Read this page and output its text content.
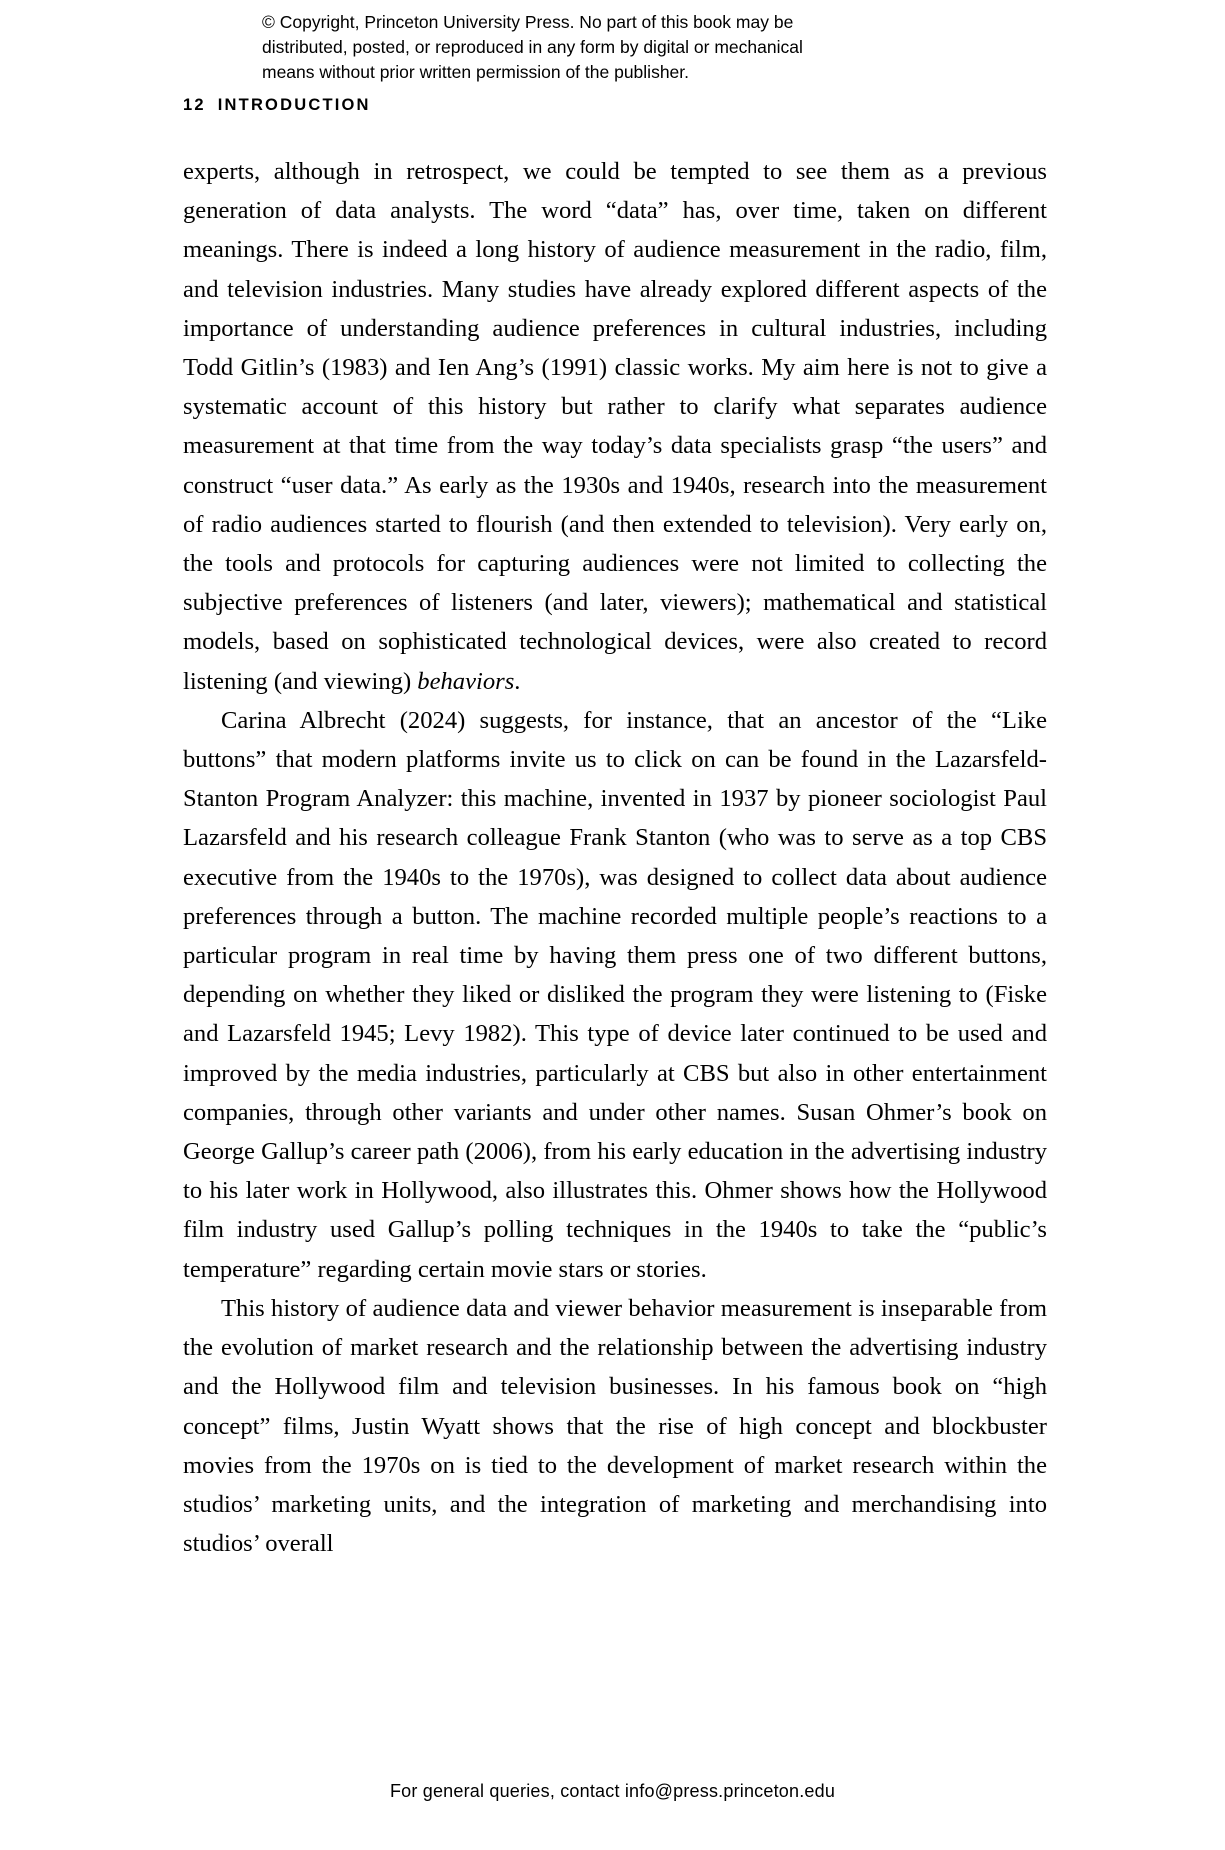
© Copyright, Princeton University Press. No part of this book may be
distributed, posted, or reproduced in any form by digital or mechanical
means without prior written permission of the publisher.
12 INTRODUCTION

experts, although in retrospect, we could be tempted to see them as a previous generation of data analysts. The word “data” has, over time, taken on different meanings. There is indeed a long history of audience measurement in the radio, film, and television industries. Many studies have already explored different aspects of the importance of understanding audience preferences in cultural industries, including Todd Gitlin’s (1983) and Ien Ang’s (1991) classic works. My aim here is not to give a systematic account of this history but rather to clarify what separates audience measurement at that time from the way today’s data specialists grasp “the users” and construct “user data.” As early as the 1930s and 1940s, research into the measurement of radio audiences started to flourish (and then extended to television). Very early on, the tools and protocols for capturing audiences were not limited to collecting the subjective preferences of listeners (and later, viewers); mathematical and statistical models, based on sophisticated technological devices, were also created to record listening (and viewing) behaviors.

Carina Albrecht (2024) suggests, for instance, that an ancestor of the “Like buttons” that modern platforms invite us to click on can be found in the Lazarsfeld-Stanton Program Analyzer: this machine, invented in 1937 by pioneer sociologist Paul Lazarsfeld and his research colleague Frank Stanton (who was to serve as a top CBS executive from the 1940s to the 1970s), was designed to collect data about audience preferences through a button. The machine recorded multiple people’s reactions to a particular program in real time by having them press one of two different buttons, depending on whether they liked or disliked the program they were listening to (Fiske and Lazarsfeld 1945; Levy 1982). This type of device later continued to be used and improved by the media industries, particularly at CBS but also in other entertainment companies, through other variants and under other names. Susan Ohmer’s book on George Gallup’s career path (2006), from his early education in the advertising industry to his later work in Hollywood, also illustrates this. Ohmer shows how the Hollywood film industry used Gallup’s polling techniques in the 1940s to take the “public’s temperature” regarding certain movie stars or stories.

This history of audience data and viewer behavior measurement is inseparable from the evolution of market research and the relationship between the advertising industry and the Hollywood film and television businesses. In his famous book on “high concept” films, Justin Wyatt shows that the rise of high concept and blockbuster movies from the 1970s on is tied to the development of market research within the studios’ marketing units, and the integration of marketing and merchandising into studios’ overall

For general queries, contact info@press.princeton.edu
